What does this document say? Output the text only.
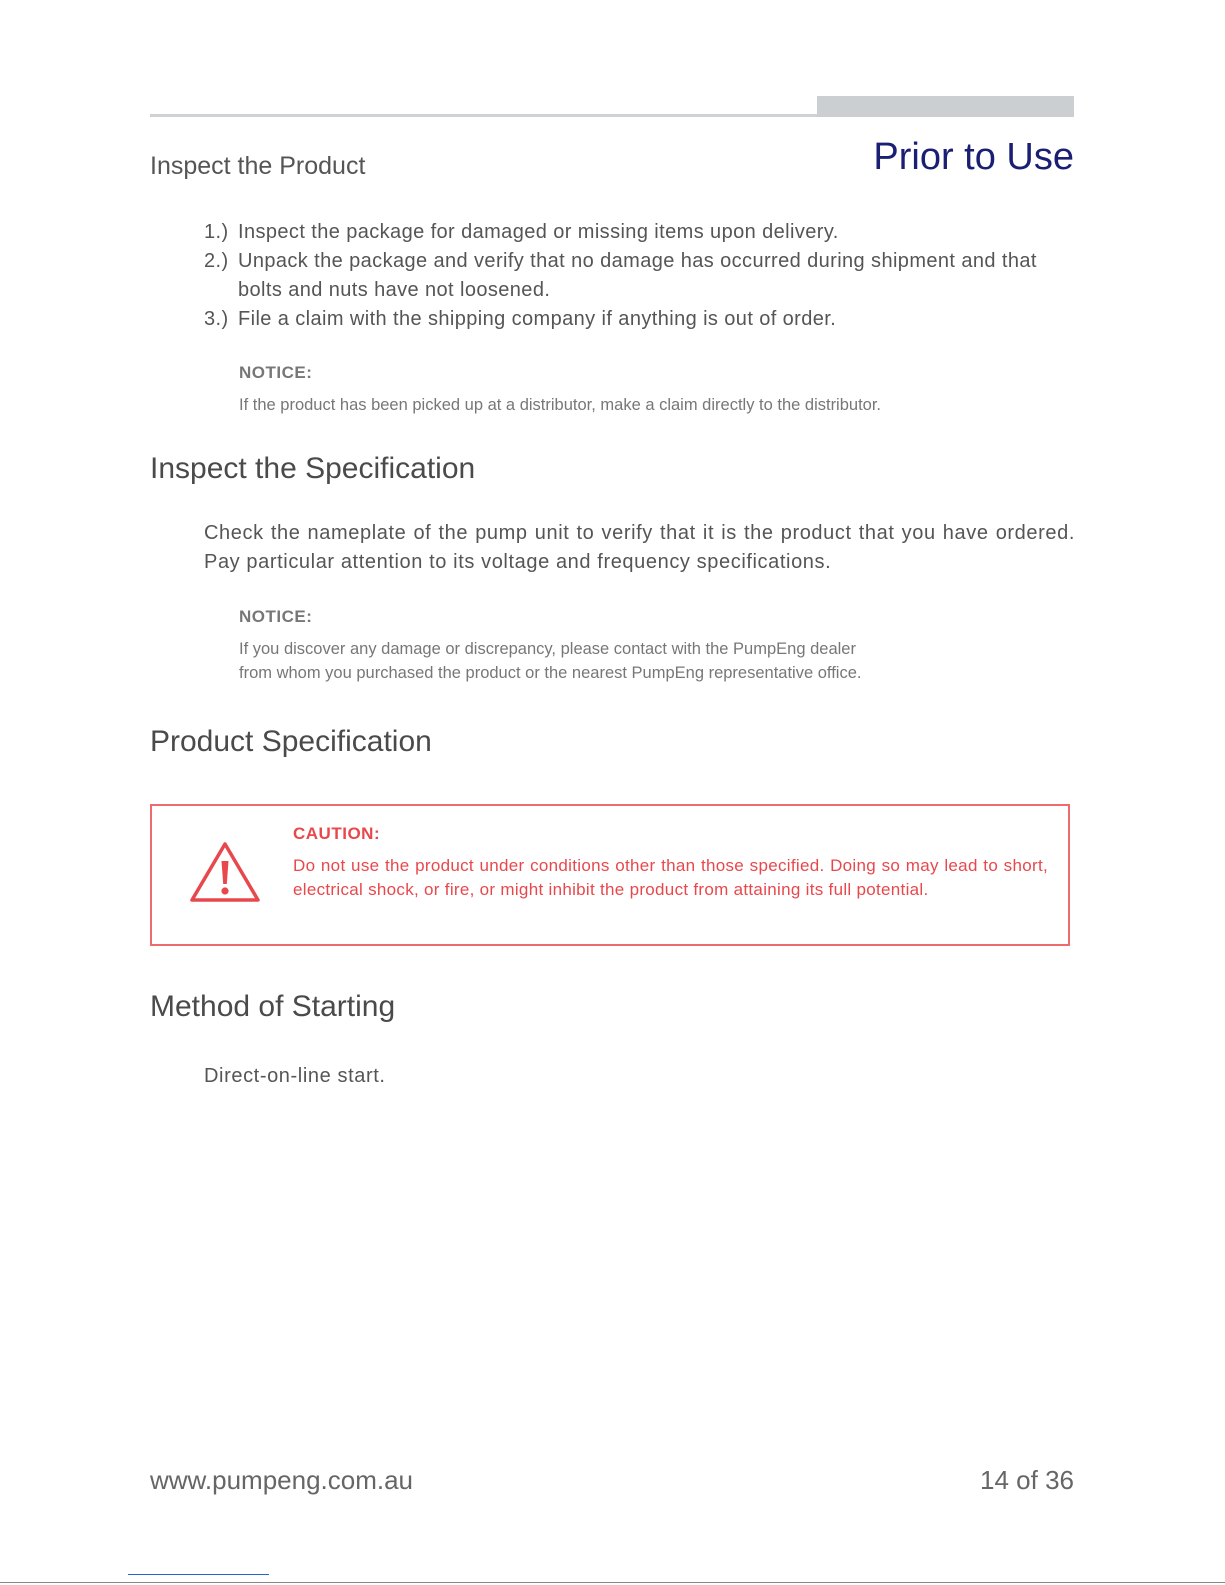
Inspect the Product	Prior to Use
1.) Inspect the package for damaged or missing items upon delivery.
2.) Unpack the package and verify that no damage has occurred during shipment and that bolts and nuts have not loosened.
3.) File a claim with the shipping company if anything is out of order.
NOTICE:
If the product has been picked up at a distributor, make a claim directly to the distributor.
Inspect the Specification
Check the nameplate of the pump unit to verify that it is the product that you have ordered. Pay particular attention to its voltage and frequency specifications.
NOTICE:
If you discover any damage or discrepancy, please contact with the PumpEng dealer
from whom you purchased the product or the nearest PumpEng representative office.
Product Specification
CAUTION:
Do not use the product under conditions other than those specified. Doing so may lead to short, electrical shock, or fire, or might inhibit the product from attaining its full potential.
Method of Starting
Direct-on-line start.
www.pumpeng.com.au	14 of 36
